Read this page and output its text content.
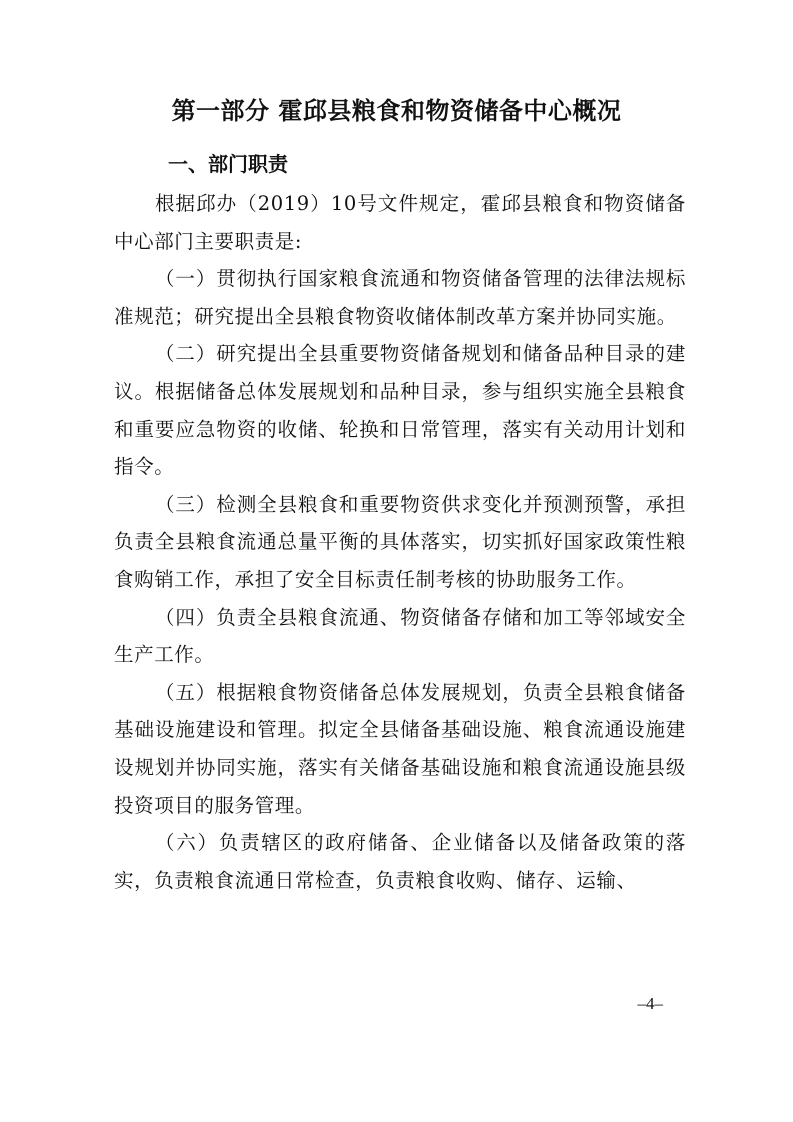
第一部分 霍邱县粮食和物资储备中心概况
一、部门职责

根据邱办（2019）10号文件规定，霍邱县粮食和物资储备中心部门主要职责是:

（一）贯彻执行国家粮食流通和物资储备管理的法律法规标准规范；研究提出全县粮食物资收储体制改革方案并协同实施。

（二）研究提出全县重要物资储备规划和储备品种目录的建议。根据储备总体发展规划和品种目录，参与组织实施全县粮食和重要应急物资的收储、轮换和日常管理，落实有关动用计划和指令。

（三）检测全县粮食和重要物资供求变化并预测预警，承担负责全县粮食流通总量平衡的具体落实，切实抓好国家政策性粮食购销工作，承担了安全目标责任制考核的协助服务工作。

（四）负责全县粮食流通、物资储备存储和加工等邻域安全生产工作。

（五）根据粮食物资储备总体发展规划，负责全县粮食储备基础设施建设和管理。拟定全县储备基础设施、粮食流通设施建设规划并协同实施，落实有关储备基础设施和粮食流通设施县级投资项目的服务管理。

（六）负责辖区的政府储备、企业储备以及储备政策的落实，负责粮食流通日常检查，负责粮食收购、储存、运输、

–4–
